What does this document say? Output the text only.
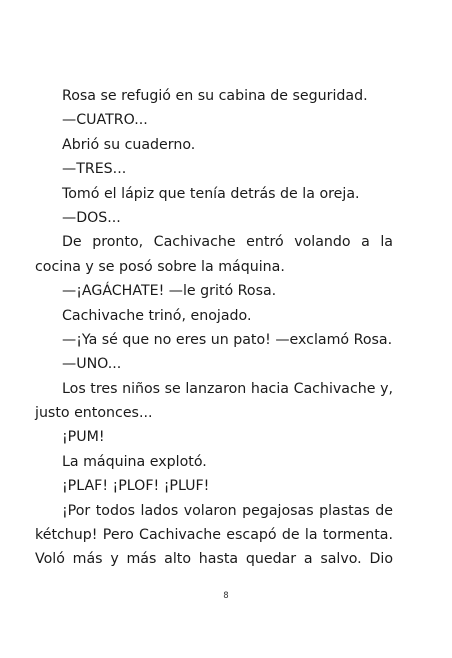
Rosa se refugió en su cabina de seguridad.
—CUATRO...
Abrió su cuaderno.
—TRES...
Tomó el lápiz que tenía detrás de la oreja.
—DOS...
De pronto, Cachivache entró volando a la
cocina y se posó sobre la máquina.
—¡AGÁCHATE! —le gritó Rosa.
Cachivache trinó, enojado.
—¡Ya sé que no eres un pato! —exclamó Rosa.
—UNO...
Los tres niños se lanzaron hacia Cachivache y,
justo entonces...
¡PUM!
La máquina explotó.
¡PLAF! ¡PLOF! ¡PLUF!
¡Por todos lados volaron pegajosas plastas de
kétchup! Pero Cachivache escapó de la tormenta.
Voló más y más alto hasta quedar a salvo. Dio
8
